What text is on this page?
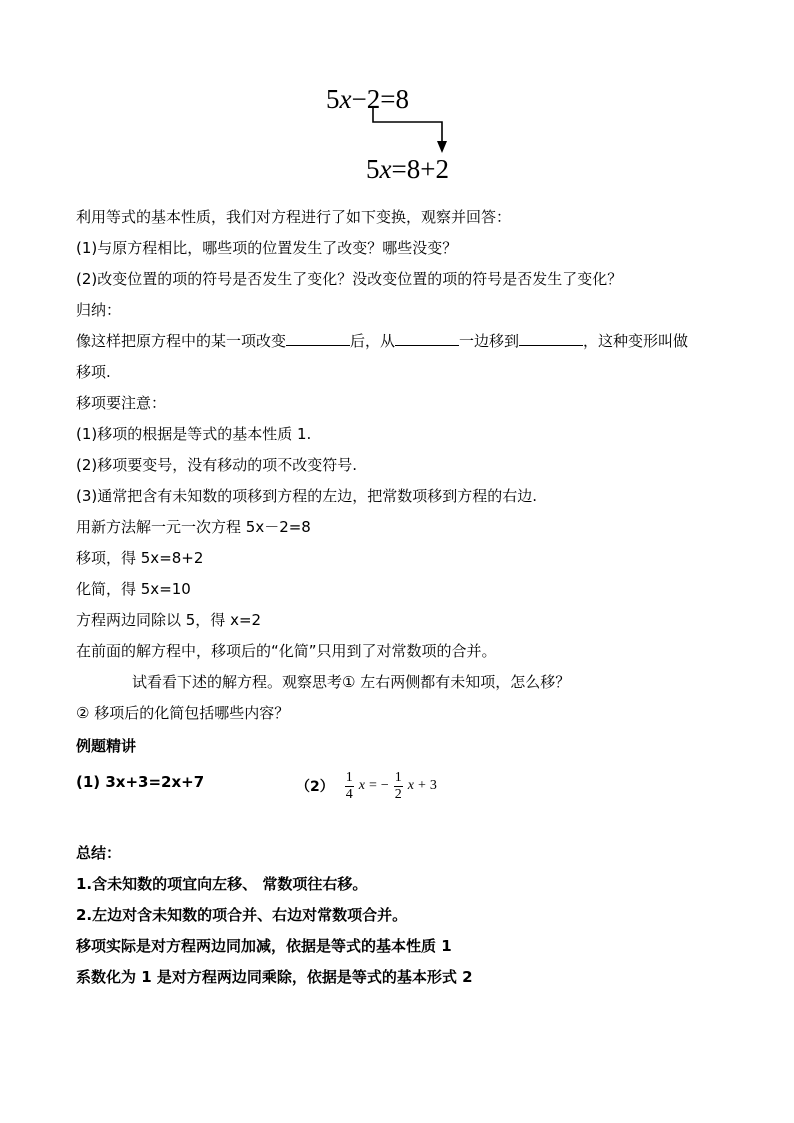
5x−2=8
5x=8+2
利用等式的基本性质，我们对方程进行了如下变换，观察并回答：
(1)与原方程相比，哪些项的位置发生了改变？哪些没变？
(2)改变位置的项的符号是否发生了变化？没改变位置的项的符号是否发生了变化？
归纳：
像这样把原方程中的某一项改变	后，从	一边移到	，这种变形叫做
移项.
移项要注意：
(1)移项的根据是等式的基本性质 1.
(2)移项要变号，没有移动的项不改变符号.
(3)通常把含有未知数的项移到方程的左边，把常数项移到方程的右边.
用新方法解一元一次方程 5x－2=8
移项，得 5x=8+2
化简，得 5x=10
方程两边同除以 5，得 x=2
在前面的解方程中，移项后的“化简”只用到了对常数项的合并。
试看看下述的解方程。观察思考① 左右两侧都有未知项，怎么移？
② 移项后的化简包括哪些内容？
例题精讲
(1) 3x+3=2x+7	$(2) \frac{1}{4}$ x = − $\frac{1}{2}$ x + 3
总结：
1.含未知数的项宜向左移、 常数项往右移。
2.左边对含未知数的项合并、右边对常数项合并。
移项实际是对方程两边同加减，依据是等式的基本性质 1
系数化为 1 是对方程两边同乘除，依据是等式的基本形式 2
